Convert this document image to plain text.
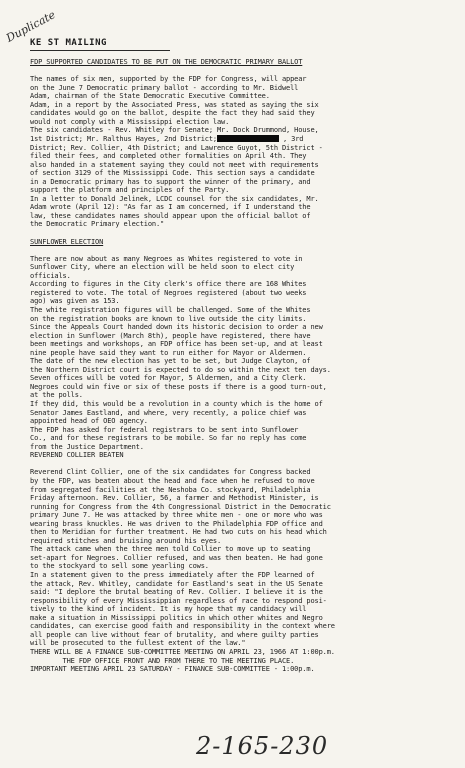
Duplicate
KE ST MAILING
FDP SUPPORTED CANDIDATES TO BE PUT ON THE DEMOCRATIC PRIMARY BALLOT
The names of six men, supported by the FDP for Congress, will appear
on the June 7 Democratic primary ballot - according to Mr. Bidwell
Adam, chairman of the State Democratic Executive Committee.
Adam, in a report by the Associated Press, was stated as saying the six
candidates would go on the ballot, despite the fact they had said they
would not comply with a Mississippi election law.
The six candidates - Rev. Whitley for Senate; Mr. Dock Drummond, House,
1st District; Mr. Ralthus Hayes, 2nd District;	, 3rd
District; Rev. Collier, 4th District; and Lawrence Guyot, 5th District -
filed their fees, and completed other formalities on April 4th. They
also handed in a statement saying they could not meet with requirements
of section 3129 of the Mississippi Code. This section says a candidate
in a Democratic primary has to support the winner of the primary, and
support the platform and principles of the Party.
In a letter to Donald Jelinek, LCDC counsel for the six candidates, Mr.
Adam wrote (April 12): "As far as I am concerned, if I understand the
law, these candidates names should appear upon the official ballot of
the Democratic Primary election."
SUNFLOWER ELECTION
There are now about as many Negroes as Whites registered to vote in
Sunflower City, where an election will be held soon to elect city
officials.
According to figures in the City clerk's office there are 168 Whites
registered to vote. The total of Negroes registered (about two weeks
ago) was given as 153.
The white registration figures will be challenged. Some of the Whites
on the registration books are known to live outside the city limits.
Since the Appeals Court handed down its historic decision to order a new
election in Sunflower (March 8th), people have registered, there have
been meetings and workshops, an FDP office has been set-up, and at least
nine people have said they want to run either for Mayor or Aldermen.
The date of the new election has yet to be set, but Judge Clayton, of
the Northern District court is expected to do so within the next ten days.
Seven offices will be voted for Mayor, 5 Aldermen, and a City Clerk.
Negroes could win five or six of these posts if there is a good turn-out,
at the polls.
If they did, this would be a revolution in a county which is the home of
Senator James Eastland, and where, very recently, a police chief was
appointed head of OEO agency.
The FDP has asked for federal registrars to be sent into Sunflower
Co., and for these registrars to be mobile. So far no reply has come
from the Justice Department.
REVEREND COLLIER BEATEN
Reverend Clint Collier, one of the six candidates for Congress backed
by the FDP, was beaten about the head and face when he refused to move
from segregated facilities at the Neshoba Co. stockyard, Philadelphia
Friday afternoon. Rev. Collier, 56, a farmer and Methodist Minister, is
running for Congress from the 4th Congressional District in the Democratic
primary June 7. He was attacked by three white men - one or more who was
wearing brass knuckles. He was driven to the Philadelphia FDP office and
then to Meridian for further treatment. He had two cuts on his head which
required stitches and bruising around his eyes.
The attack came when the three men told Collier to move up to seating
set-apart for Negroes. Collier refused, and was then beaten. He had gone
to the stockyard to sell some yearling cows.
In a statement given to the press immediately after the FDP learned of
the attack, Rev. Whitley, candidate for Eastland's seat in the US Senate
said: "I deplore the brutal beating of Rev. Collier. I believe it is the
responsibility of every Mississippian regardless of race to respond posi-
tively to the kind of incident. It is my hope that my candidacy will
make a situation in Mississippi politics in which other whites and Negro
candidates, can exercise good faith and responsibility in the context where
all people can live without fear of brutality, and where guilty parties
will be prosecuted to the fullest extent of the law."
THERE WILL BE A FINANCE SUB-COMMITTEE MEETING ON APRIL 23, 1966 AT 1:00p.m.
THE FDP OFFICE FRONT AND FROM THERE TO THE MEETING PLACE.
IMPORTANT MEETING APRIL 23 SATURDAY - FINANCE SUB-COMMITTEE - 1:00p.m.
2-165-230
